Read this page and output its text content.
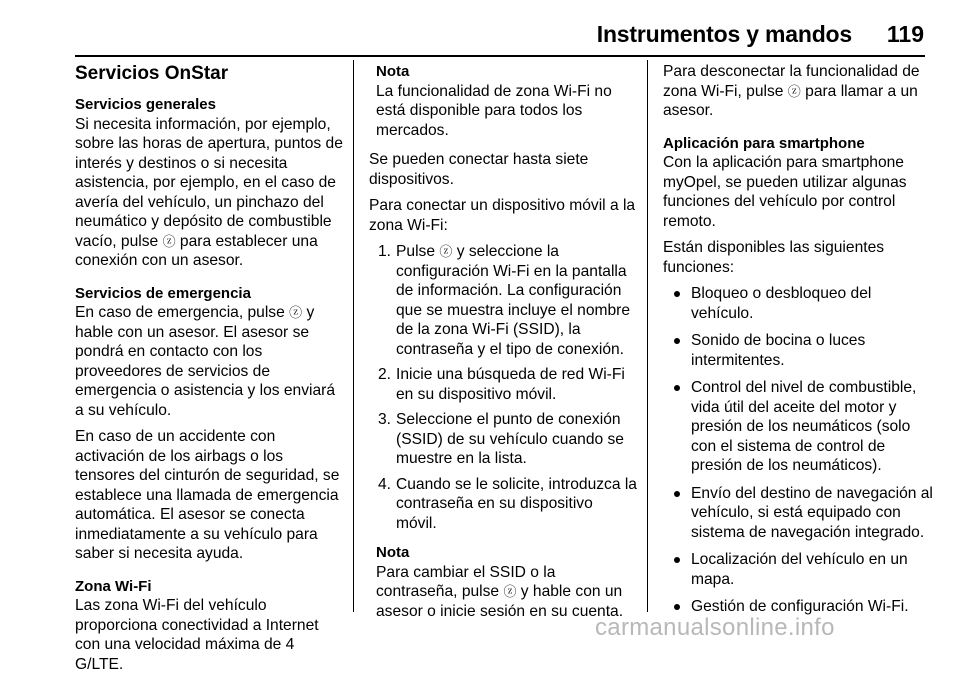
Instrumentos y mandos 119
Servicios OnStar
Servicios generales
Si necesita información, por ejemplo, sobre las horas de apertura, puntos de interés y destinos o si necesita asistencia, por ejemplo, en el caso de avería del vehículo, un pinchazo del neumático y depósito de combustible vacío, pulse ⓩ para establecer una conexión con un asesor.
Servicios de emergencia

En caso de emergencia, pulse ⓩ y hable con un asesor. El asesor se pondrá en contacto con los proveedores de servicios de emergencia o asistencia y los enviará a su vehículo.

En caso de un accidente con activación de los airbags o los tensores del cinturón de seguridad, se establece una llamada de emergencia automática. El asesor se conecta inmediatamente a su vehículo para saber si necesita ayuda.

Zona Wi-Fi
Las zona Wi-Fi del vehículo proporciona conectividad a Internet con una velocidad máxima de 4 G/LTE.
Nota
La funcionalidad de zona Wi-Fi no está disponible para todos los mercados.

Se pueden conectar hasta siete dispositivos.

Para conectar un dispositivo móvil a la zona Wi-Fi:

1. Pulse ⓩ y seleccione la configuración Wi-Fi en la pantalla de información. La configuración que se muestra incluye el nombre de la zona Wi-Fi (SSID), la contraseña y el tipo de conexión.
2. Inicie una búsqueda de red Wi-Fi en su dispositivo móvil.
3. Seleccione el punto de conexión (SSID) de su vehículo cuando se muestre en la lista.
4. Cuando se le solicite, introduzca la contraseña en su dispositivo móvil.
Nota
Para cambiar el SSID o la contraseña, pulse ⓩ y hable con un asesor o inicie sesión en su cuenta.

Para desconectar la funcionalidad de zona Wi-Fi, pulse ⓩ para llamar a un asesor.

Aplicación para smartphone
Con la aplicación para smartphone myOpel, se pueden utilizar algunas funciones del vehículo por control remoto.

Están disponibles las siguientes funciones:

Bloqueo o desbloqueo del vehículo.
Sonido de bocina o luces intermitentes.
Control del nivel de combustible, vida útil del aceite del motor y presión de los neumáticos (solo con el sistema de control de presión de los neumáticos).
Envío del destino de navegación al vehículo, si está equipado con sistema de navegación integrado.
Localización del vehículo en un mapa.
Gestión de configuración Wi-Fi.
carmanualsonline.info
